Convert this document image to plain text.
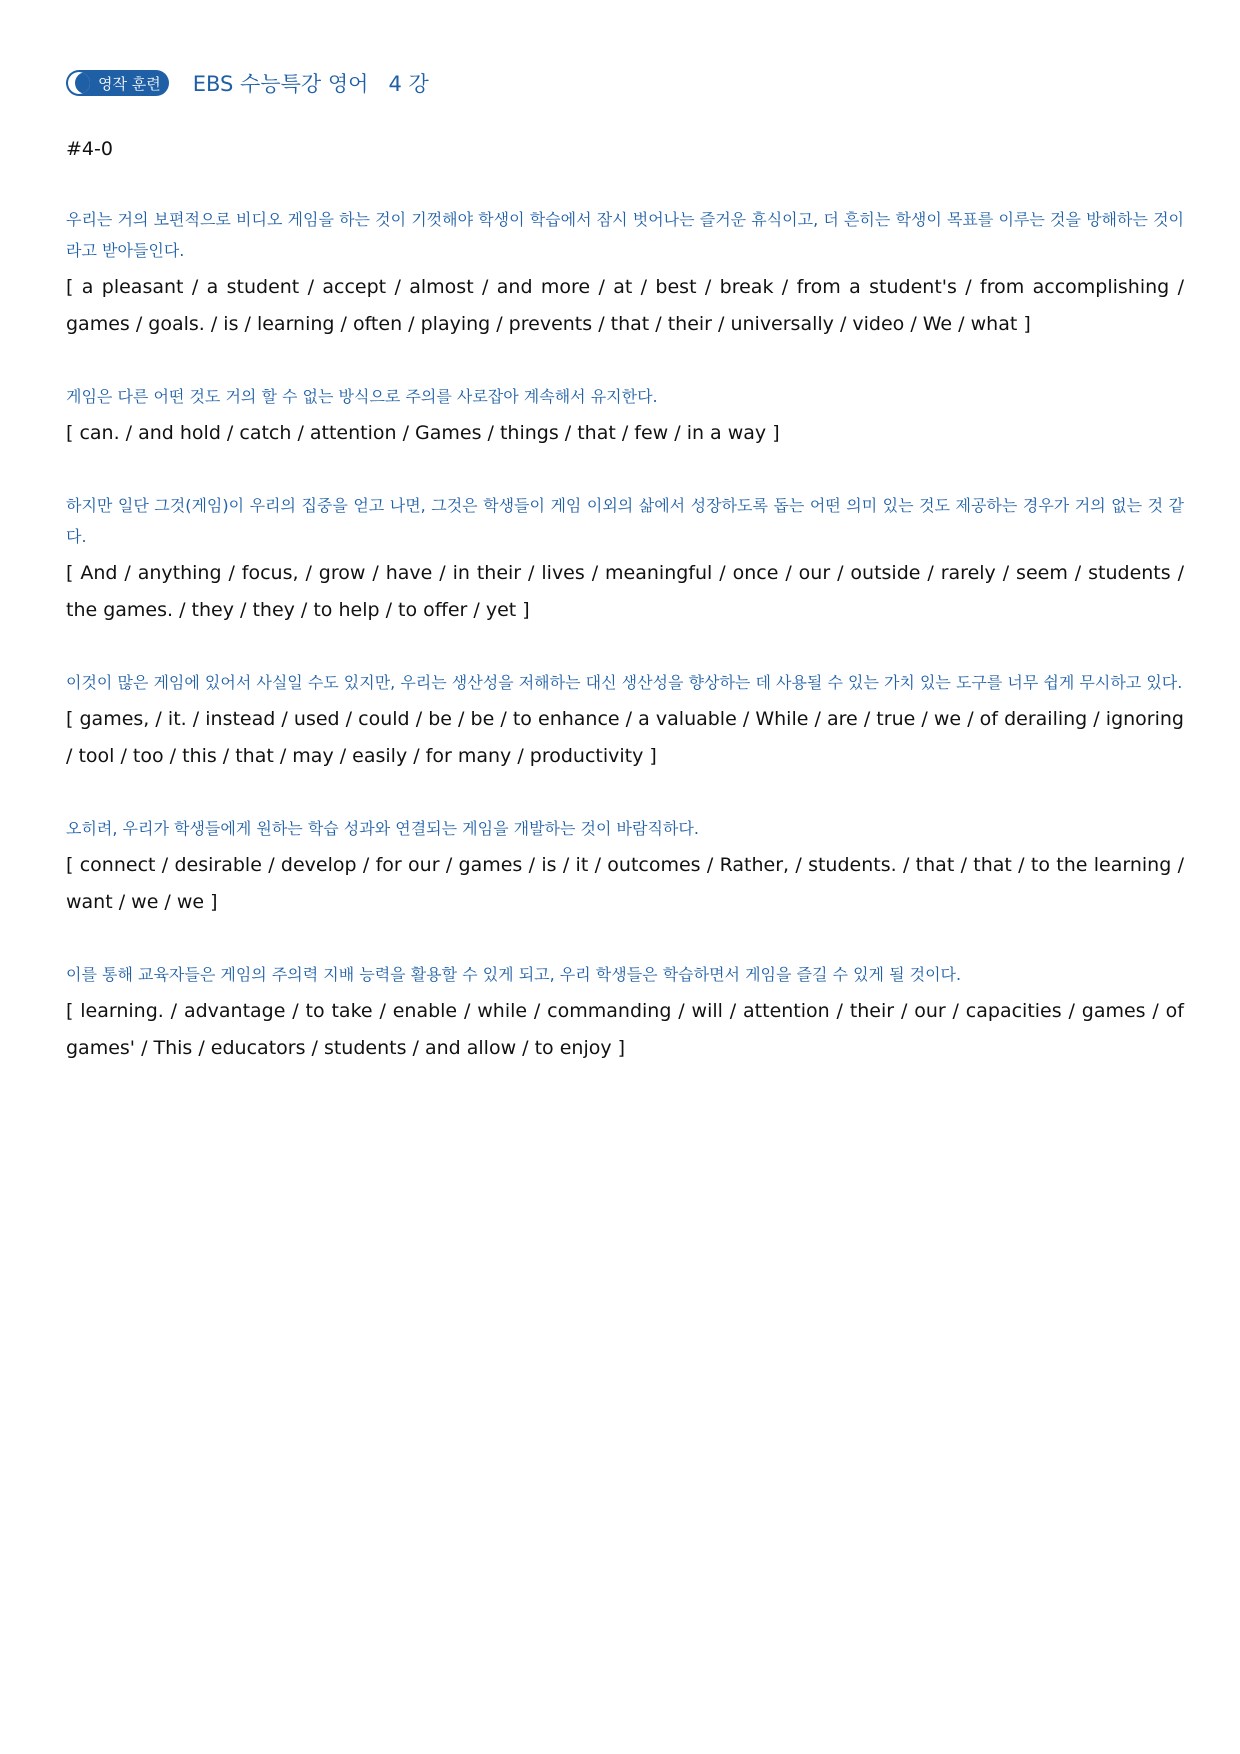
영작 훈련 EBS 수능특강 영어   4 강
#4-0
우리는 거의 보편적으로 비디오 게임을 하는 것이 기껏해야 학생이 학습에서 잠시 벗어나는 즐거운 휴식이고, 더 흔히는 학생이 목표를 이루는 것을 방해하는 것이라고 받아들인다.
[ a pleasant / a student / accept / almost / and more / at / best / break / from a student's / from accomplishing / games / goals. / is / learning / often / playing / prevents / that / their / universally / video / We / what ]
게임은 다른 어떤 것도 거의 할 수 없는 방식으로 주의를 사로잡아 계속해서 유지한다.
[ can. / and hold / catch / attention / Games / things / that / few / in a way ]
하지만 일단 그것(게임)이 우리의 집중을 얻고 나면, 그것은 학생들이 게임 이외의 삶에서 성장하도록 돕는 어떤 의미 있는 것도 제공하는 경우가 거의 없는 것 같다.
[ And / anything / focus, / grow / have / in their / lives / meaningful / once / our / outside / rarely / seem / students / the games. / they / they / to help / to offer / yet ]
이것이 많은 게임에 있어서 사실일 수도 있지만, 우리는 생산성을 저해하는 대신 생산성을 향상하는 데 사용될 수 있는 가치 있는 도구를 너무 쉽게 무시하고 있다.
[ games, / it. / instead / used / could / be / be / to enhance / a valuable / While / are / true / we / of derailing / ignoring / tool / too / this / that / may / easily / for many / productivity ]
오히려, 우리가 학생들에게 원하는 학습 성과와 연결되는 게임을 개발하는 것이 바람직하다.
[ connect / desirable / develop / for our / games / is / it / outcomes / Rather, / students. / that / that / to the learning / want / we / we ]
이를 통해 교육자들은 게임의 주의력 지배 능력을 활용할 수 있게 되고, 우리 학생들은 학습하면서 게임을 즐길 수 있게 될 것이다.
[ learning. / advantage / to take / enable / while / commanding / will / attention / their / our / capacities / games / of games' / This / educators / students / and allow / to enjoy ]
